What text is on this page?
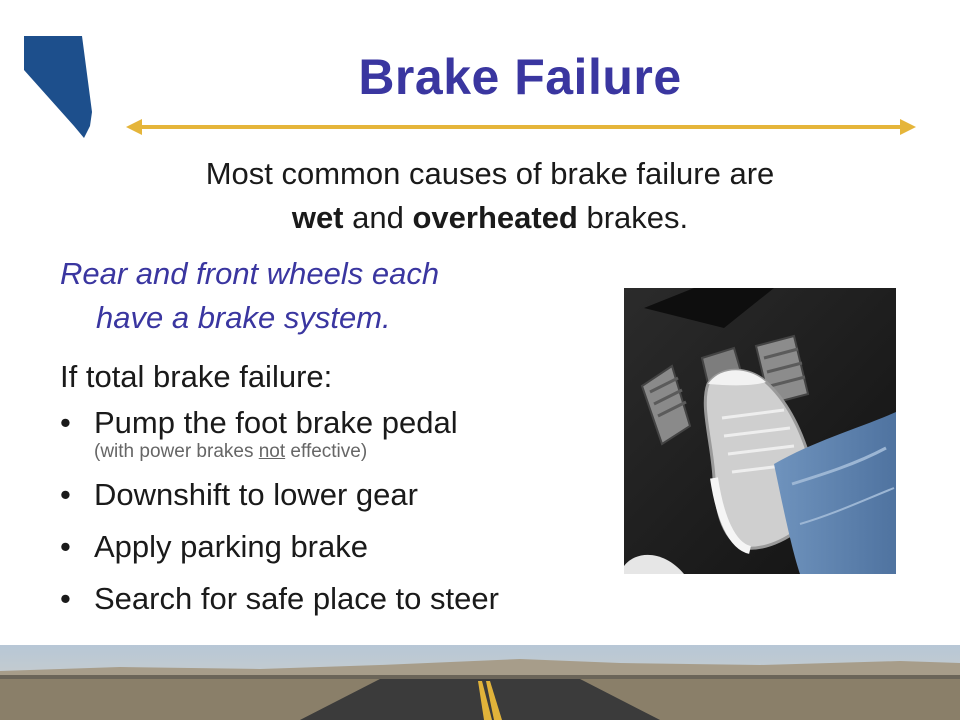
Brake Failure
Most common causes of brake failure are
wet and overheated brakes.
Rear and front wheels each
have a brake system.
If total brake failure:
• Pump the foot brake pedal
(with power brakes not effective)
• Downshift to lower gear
• Apply parking brake
• Search for safe place to steer
